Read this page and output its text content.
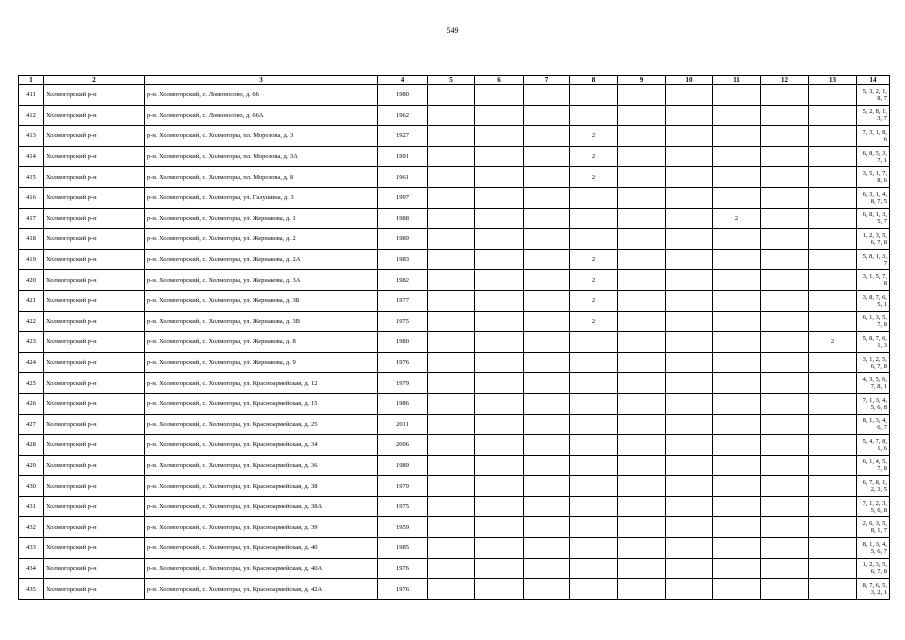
549
1	2	3	4	5	6	7	8	9	10	11	12	13	14
411	Холмогорский р-н	р-н. Холмогорский, с. Ломоносово, д. 66	1980										5, 3, 2, 1, 8, 7
412	Холмогорский р-н	р-н. Холмогорский, с. Ломоносово, д. 66А	1962										5, 2, 8, 1, 3, 7
413	Холмогорский р-н	р-н. Холмогорский, с. Холмогоры, пл. Морозова, д. 3	1927				2						7, 3, 1, 8, 6
414	Холмогорский р-н	р-н. Холмогорский, с. Холмогоры, пл. Морозова, д. 3А	1991				2						6, 8, 5, 3, 7, 1
415	Холмогорский р-н	р-н. Холмогорский, с. Холмогоры, пл. Морозова, д. 8	1961				2						3, 5, 1, 7, 8, 6
416	Холмогорский р-н	р-н. Холмогорский, с. Холмогоры, ул. Галушина, д. 3	1997										6, 3, 1, 4, 8, 7, 5
417	Холмогорский р-н	р-н. Холмогорский, с. Холмогоры, ул. Жернакова, д. 1	1988							2			6, 8, 1, 3, 5, 7
418	Холмогорский р-н	р-н. Холмогорский, с. Холмогоры, ул. Жернакова, д. 2	1989										1, 2, 3, 5, 6, 7, 8
419	Холмогорский р-н	р-н. Холмогорский, с. Холмогоры, ул. Жернакова, д. 2А	1983				2						5, 8, 1, 3, 7
420	Холмогорский р-н	р-н. Холмогорский, с. Холмогоры, ул. Жернакова, д. 3А	1982				2						3, 1, 5, 7, 8
421	Холмогорский р-н	р-н. Холмогорский, с. Холмогоры, ул. Жернакова, д. 3Б	1977				2						3, 8, 7, 6, 5, 1
422	Холмогорский р-н	р-н. Холмогорский, с. Холмогоры, ул. Жернакова, д. 3В	1975				2						6, 1, 3, 5, 7, 8
423	Холмогорский р-н	р-н. Холмогорский, с. Холмогоры, ул. Жернакова, д. 8	1980									2	5, 8, 7, 6, 1, 3
424	Холмогорский р-н	р-н. Холмогорский, с. Холмогоры, ул. Жернакова, д. 9	1976										3, 1, 2, 5, 6, 7, 8
425	Холмогорский р-н	р-н. Холмогорский, с. Холмогоры, ул. Красноармейская, д. 12	1979										4, 3, 5, 6, 7, 8, 1
426	Холмогорский р-н	р-н. Холмогорский, с. Холмогоры, ул. Красноармейская, д. 15	1986										7, 1, 3, 4, 5, 6, 8
427	Холмогорский р-н	р-н. Холмогорский, с. Холмогоры, ул. Красноармейская, д. 25	2011										8, 1, 3, 4, 6, 7
428	Холмогорский р-н	р-н. Холмогорский, с. Холмогоры, ул. Красноармейская, д. 34	2006										5, 4, 7, 8, 1, 6
429	Холмогорский р-н	р-н. Холмогорский, с. Холмогоры, ул. Красноармейская, д. 36	1989										6, 1, 4, 5, 7, 8
430	Холмогорский р-н	р-н. Холмогорский, с. Холмогоры, ул. Красноармейская, д. 38	1979										6, 7, 8, 1, 2, 3, 5
431	Холмогорский р-н	р-н. Холмогорский, с. Холмогоры, ул. Красноармейская, д. 38А	1975										7, 1, 2, 3, 5, 6, 8
432	Холмогорский р-н	р-н. Холмогорский, с. Холмогоры, ул. Красноармейская, д. 39	1959										2, 6, 3, 5, 8, 1, 7
433	Холмогорский р-н	р-н. Холмогорский, с. Холмогоры, ул. Красноармейская, д. 40	1985										8, 1, 3, 4, 5, 6, 7
434	Холмогорский р-н	р-н. Холмогорский, с. Холмогоры, ул. Красноармейская, д. 40А	1976										1, 2, 3, 5, 6, 7, 8
435	Холмогорский р-н	р-н. Холмогорский, с. Холмогоры, ул. Красноармейская, д. 42А	1976										8, 7, 6, 5, 3, 2, 1
